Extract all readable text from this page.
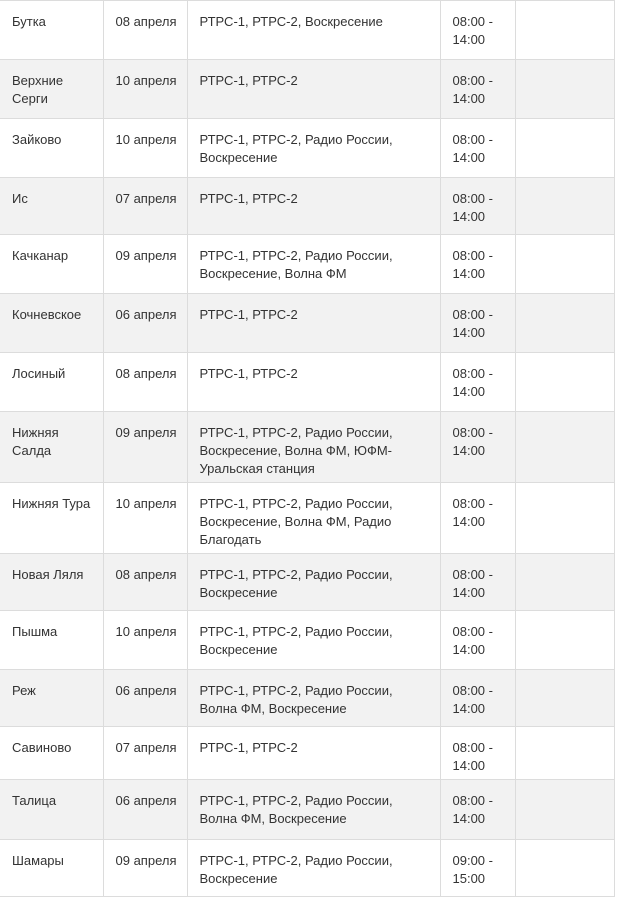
Бутка	08 апреля	РТРС-1, РТРС-2, Воскресение	08:00 - 14:00	
Верхние Серги	10 апреля	РТРС-1, РТРС-2	08:00 - 14:00	
Зайково	10 апреля	РТРС-1, РТРС-2, Радио России, Воскресение	08:00 - 14:00	
Ис	07 апреля	РТРС-1, РТРС-2	08:00 - 14:00	
Качканар	09 апреля	РТРС-1, РТРС-2, Радио России, Воскресение, Волна ФМ	08:00 - 14:00	
Кочневское	06 апреля	РТРС-1, РТРС-2	08:00 - 14:00	
Лосиный	08 апреля	РТРС-1, РТРС-2	08:00 - 14:00	
Нижняя Салда	09 апреля	РТРС-1, РТРС-2, Радио России, Воскресение, Волна ФМ, ЮФМ-Уральская станция	08:00 - 14:00	
Нижняя Тура	10 апреля	РТРС-1, РТРС-2, Радио России, Воскресение, Волна ФМ, Радио Благодать	08:00 - 14:00	
Новая Ляля	08 апреля	РТРС-1, РТРС-2, Радио России, Воскресение	08:00 - 14:00	
Пышма	10 апреля	РТРС-1, РТРС-2, Радио России, Воскресение	08:00 - 14:00	
Реж	06 апреля	РТРС-1, РТРС-2, Радио России, Волна ФМ, Воскресение	08:00 - 14:00	
Савиново	07 апреля	РТРС-1, РТРС-2	08:00 - 14:00	
Талица	06 апреля	РТРС-1, РТРС-2, Радио России, Волна ФМ, Воскресение	08:00 - 14:00	
Шамары	09 апреля	РТРС-1, РТРС-2, Радио России, Воскресение	09:00 - 15:00	
